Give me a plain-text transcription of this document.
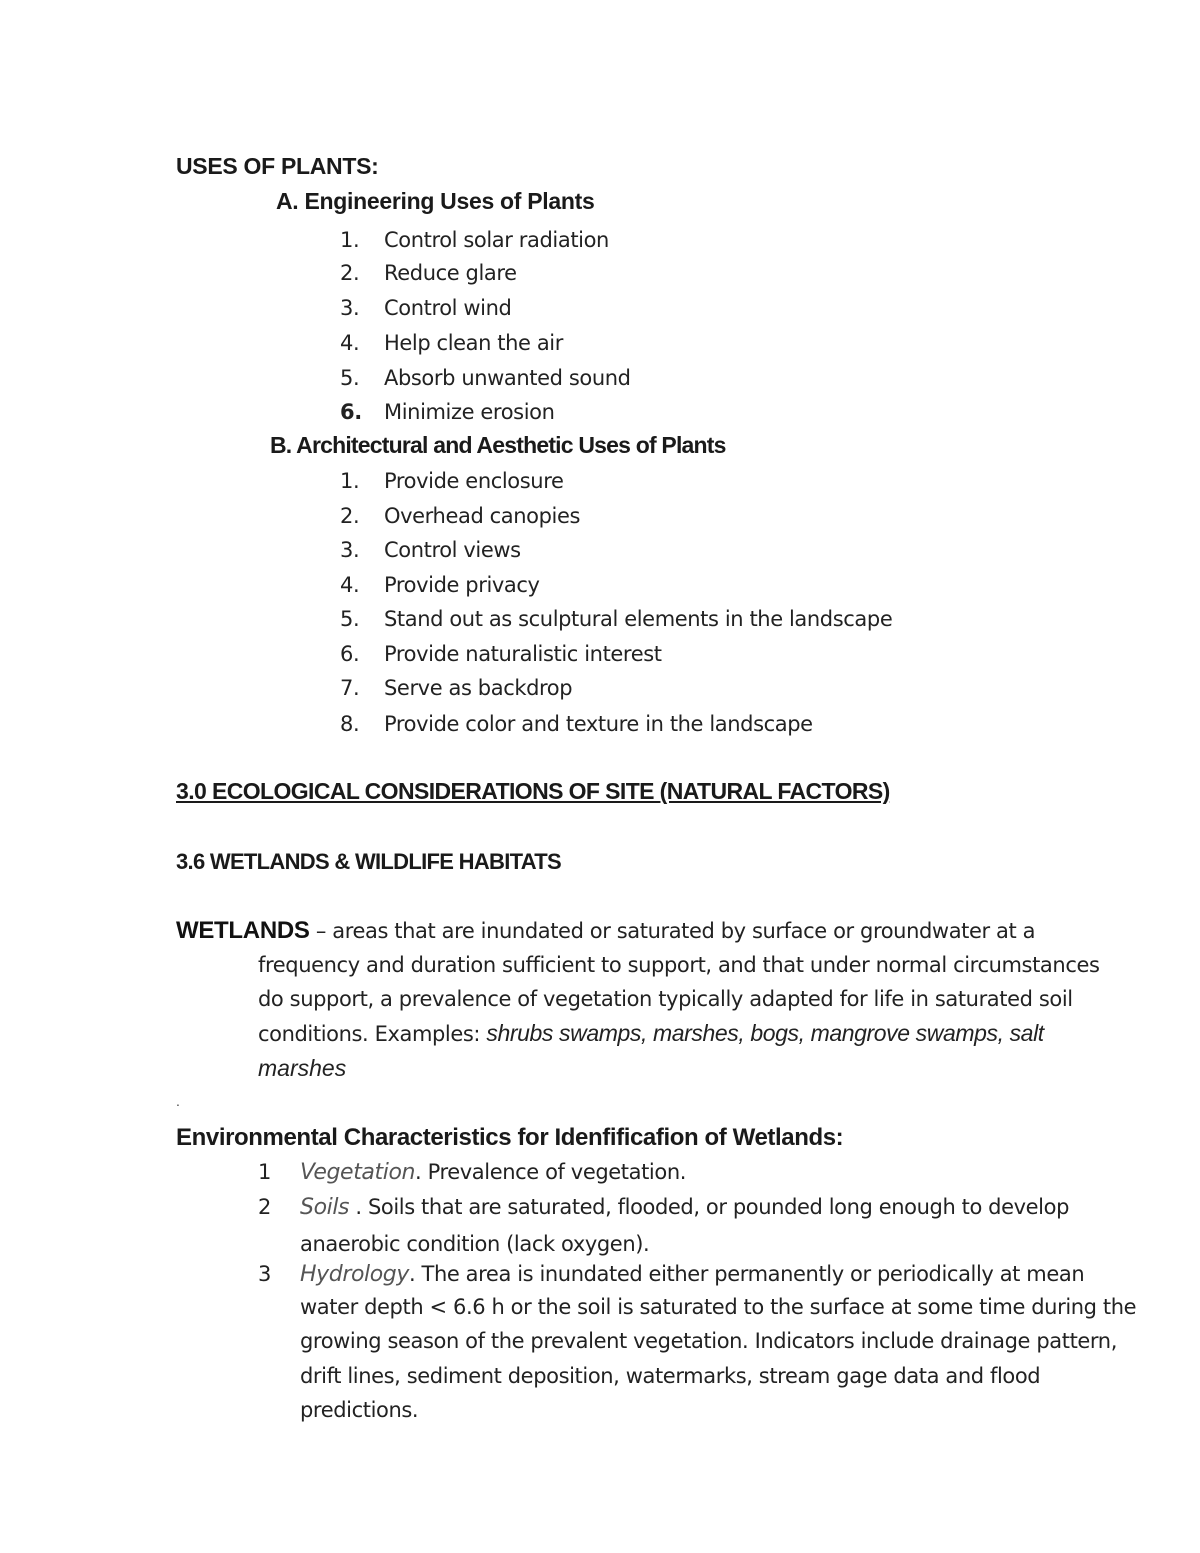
USES OF PLANTS:
A. Engineering Uses of Plants
1. Control solar radiation
2. Reduce glare
3. Control wind
4. Help clean the air
5. Absorb unwanted sound
6. Minimize erosion
B. Architectural and Aesthetic Uses of Plants
1. Provide enclosure
2. Overhead canopies
3. Control views
4. Provide privacy
5. Stand out as sculptural elements in the landscape
6. Provide naturalistic interest
7. Serve as backdrop
8. Provide color and texture in the landscape
3.0 ECOLOGICAL CONSIDERATIONS OF SITE (NATURAL FACTORS)
3.6 WETLANDS & WILDLIFE HABITATS
WETLANDS – areas that are inundated or saturated by surface or groundwater at a
frequency and duration sufficient to support, and that under normal circumstances
do support, a prevalence of vegetation typically adapted for life in saturated soil
conditions. Examples: shrubs swamps, marshes, bogs, mangrove swamps, salt
marshes
.
Environmental Characteristics for Idenfificafion of Wetlands:
1 Vegetation. Prevalence of vegetation.
2 Soils . Soils that are saturated, flooded, or pounded long enough to develop
anaerobic condition (lack oxygen).
3 Hydrology. The area is inundated either permanently or periodically at mean
water depth < 6.6 h or the soil is saturated to the surface at some time during the
growing season of the prevalent vegetation. Indicators include drainage pattern,
drift lines, sediment deposition, watermarks, stream gage data and flood
predictions.
